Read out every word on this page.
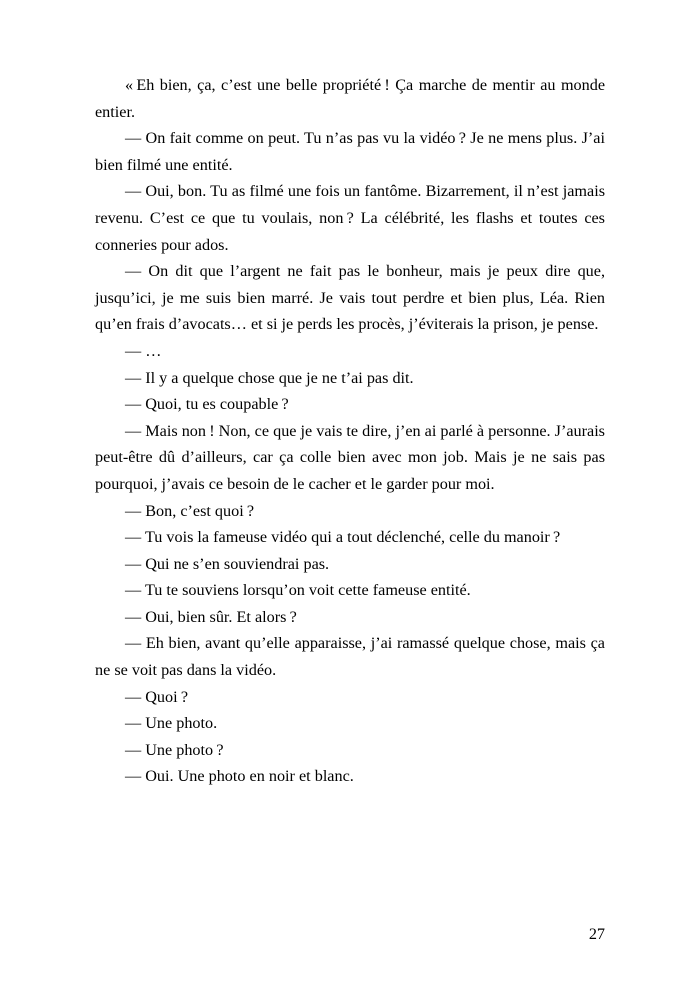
« Eh bien, ça, c’est une belle propriété ! Ça marche de mentir au monde entier.

— On fait comme on peut. Tu n’as pas vu la vidéo ? Je ne mens plus. J’ai bien filmé une entité.

— Oui, bon. Tu as filmé une fois un fantôme. Bizarrement, il n’est jamais revenu. C’est ce que tu voulais, non ? La célébrité, les flashs et toutes ces conneries pour ados.

— On dit que l’argent ne fait pas le bonheur, mais je peux dire que, jusqu’ici, je me suis bien marré. Je vais tout perdre et bien plus, Léa. Rien qu’en frais d’avocats… et si je perds les procès, j’éviterais la prison, je pense.

— …

— Il y a quelque chose que je ne t’ai pas dit.

— Quoi, tu es coupable ?

— Mais non ! Non, ce que je vais te dire, j’en ai parlé à personne. J’aurais peut-être dû d’ailleurs, car ça colle bien avec mon job. Mais je ne sais pas pourquoi, j’avais ce besoin de le cacher et le garder pour moi.

— Bon, c’est quoi ?

— Tu vois la fameuse vidéo qui a tout déclenché, celle du manoir ?

— Qui ne s’en souviendrai pas.

— Tu te souviens lorsqu’on voit cette fameuse entité.

— Oui, bien sûr. Et alors ?

— Eh bien, avant qu’elle apparaisse, j’ai ramassé quelque chose, mais ça ne se voit pas dans la vidéo.

— Quoi ?

— Une photo.

— Une photo ?

— Oui. Une photo en noir et blanc.

27
